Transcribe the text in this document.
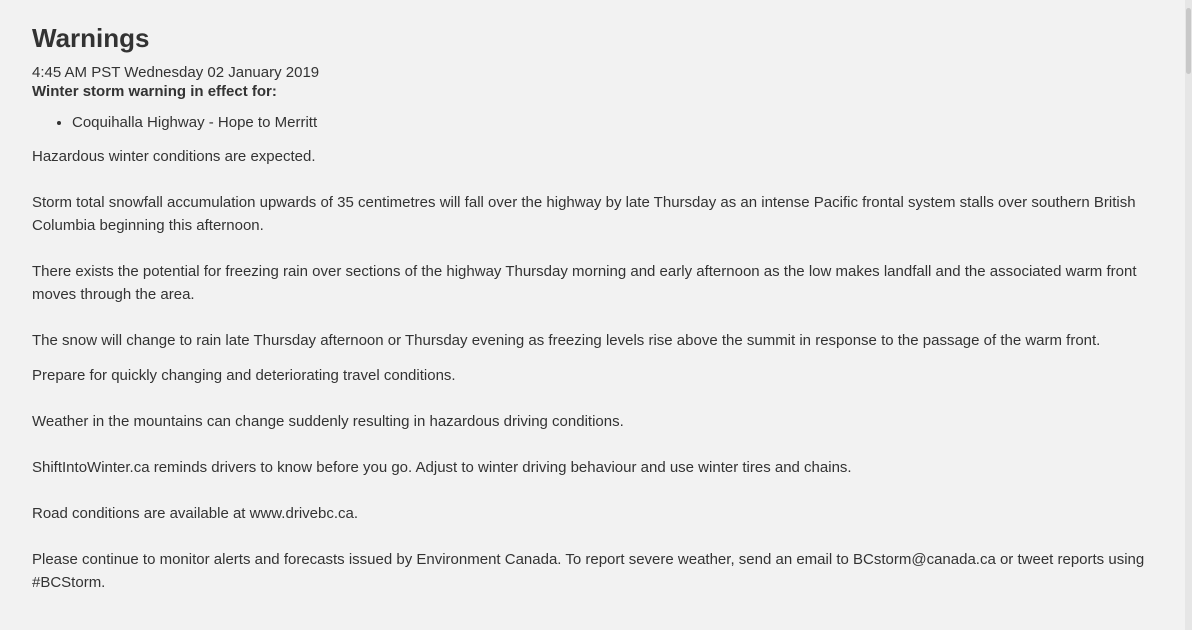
Warnings
4:45 AM PST Wednesday 02 January 2019
Winter storm warning in effect for:
• Coquihalla Highway - Hope to Merritt

Hazardous winter conditions are expected.

Storm total snowfall accumulation upwards of 35 centimetres will fall over the highway by late Thursday as an intense Pacific frontal system stalls over southern British Columbia beginning this afternoon.

There exists the potential for freezing rain over sections of the highway Thursday morning and early afternoon as the low makes landfall and the associated warm front moves through the area.

The snow will change to rain late Thursday afternoon or Thursday evening as freezing levels rise above the summit in response to the passage of the warm front.

Prepare for quickly changing and deteriorating travel conditions.

Weather in the mountains can change suddenly resulting in hazardous driving conditions.

ShiftIntoWinter.ca reminds drivers to know before you go. Adjust to winter driving behaviour and use winter tires and chains.

Road conditions are available at www.drivebc.ca.

Please continue to monitor alerts and forecasts issued by Environment Canada. To report severe weather, send an email to BCstorm@canada.ca or tweet reports using #BCStorm.
